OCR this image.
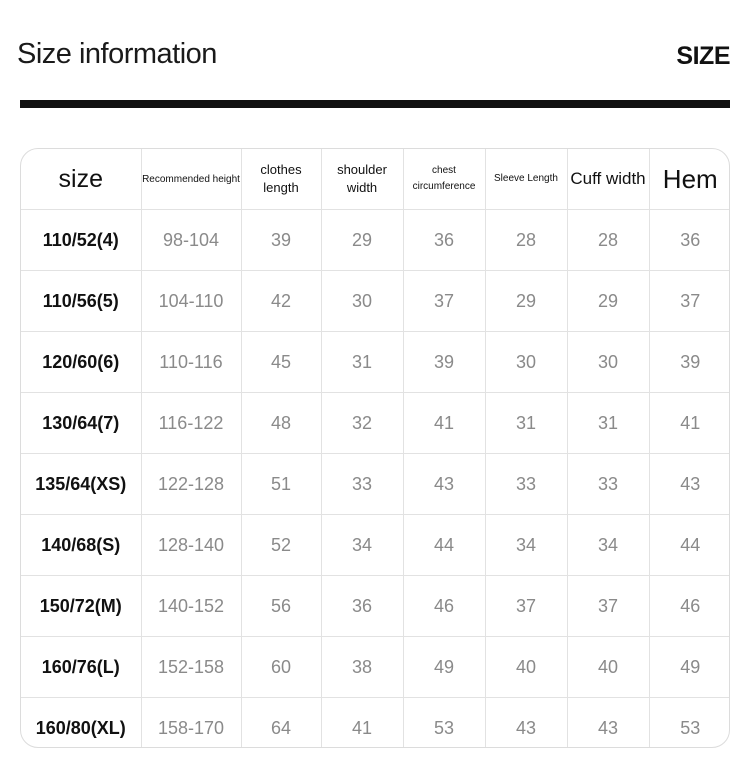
Size information	SIZE
size	Recommended height	clothes length	shoulder width	chest circumference	Sleeve Length	Cuff width	Hem
110/52(4)	98-104	39	29	36	28	28	36
110/56(5)	104-110	42	30	37	29	29	37
120/60(6)	110-116	45	31	39	30	30	39
130/64(7)	116-122	48	32	41	31	31	41
135/64(XS)	122-128	51	33	43	33	33	43
140/68(S)	128-140	52	34	44	34	34	44
150/72(M)	140-152	56	36	46	37	37	46
160/76(L)	152-158	60	38	49	40	40	49
160/80(XL)	158-170	64	41	53	43	43	53
